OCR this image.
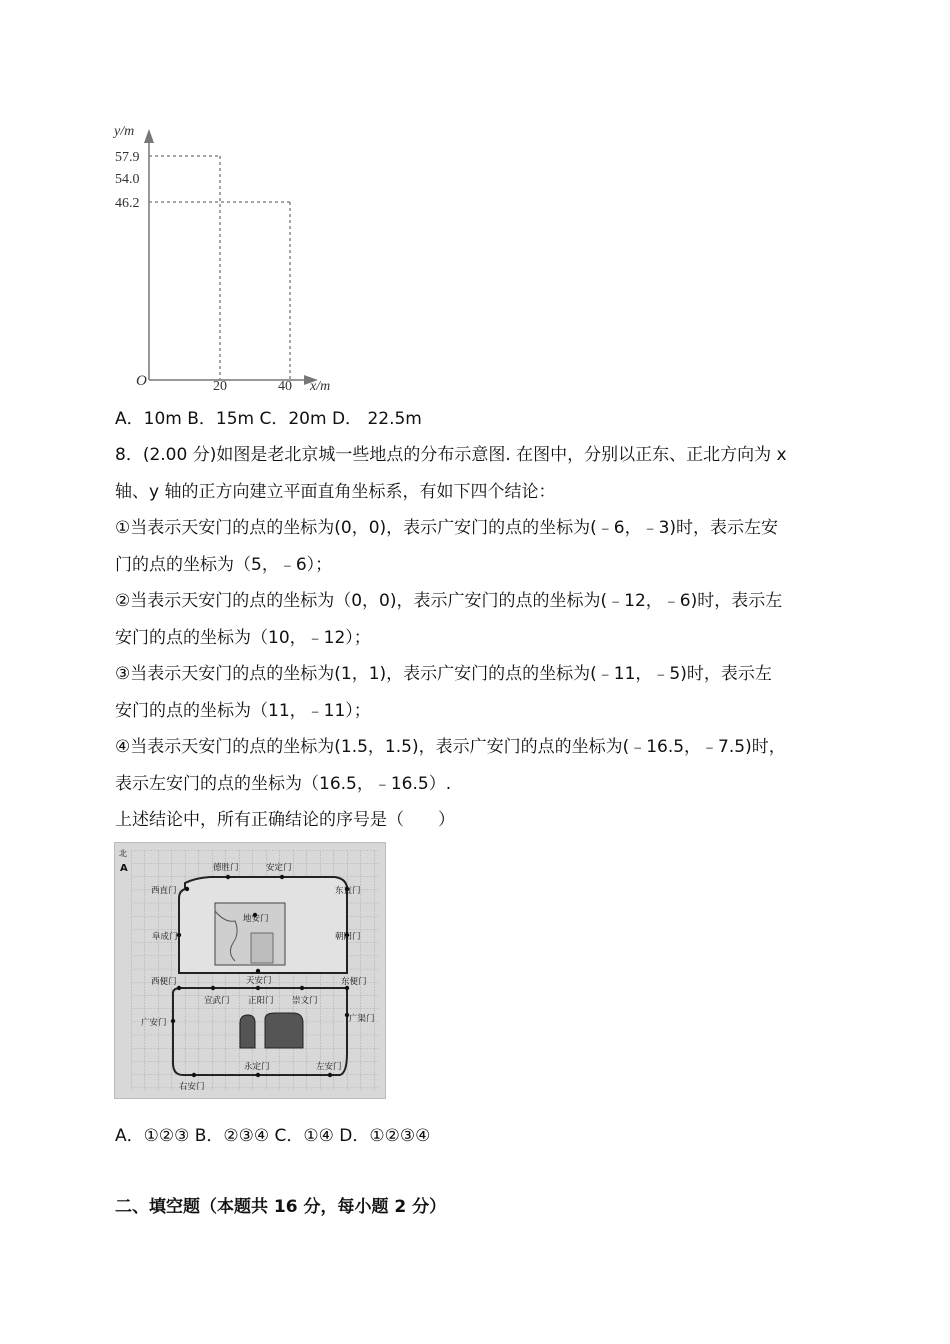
y/m
O	x/m
57.9
54.0
46.2
20	40
A．10m B．15m C．20m D． 22.5m
8．(2.00 分)如图是老北京城一些地点的分布示意图. 在图中，分别以正东、正北方向为 x
轴、y 轴的正方向建立平面直角坐标系，有如下四个结论：
①当表示天安门的点的坐标为(0，0)，表示广安门的点的坐标为(﹣6，﹣3)时，表示左安
门的点的坐标为（5，﹣6）；
②当表示天安门的点的坐标为（0，0)，表示广安门的点的坐标为(﹣12，﹣6)时，表示左
安门的点的坐标为（10，﹣12）；
③当表示天安门的点的坐标为(1，1)，表示广安门的点的坐标为(﹣11，﹣5)时，表示左
安门的点的坐标为（11，﹣11）；
④当表示天安门的点的坐标为(1.5，1.5)，表示广安门的点的坐标为(﹣16.5，﹣7.5)时，
表示左安门的点的坐标为（16.5，﹣16.5）.
上述结论中，所有正确结论的序号是（　　）
北
A	德胜门	安定门
西直门	东直门
地安门
阜成门	朝阳门
西便门	天安门	东便门
宣武门 正阳门 崇文门
广渠门
广安门
右安门
永定门	左安门
A．①②③ B．②③④ C．①④ D．①②③④
二、填空题（本题共 16 分，每小题 2 分）
